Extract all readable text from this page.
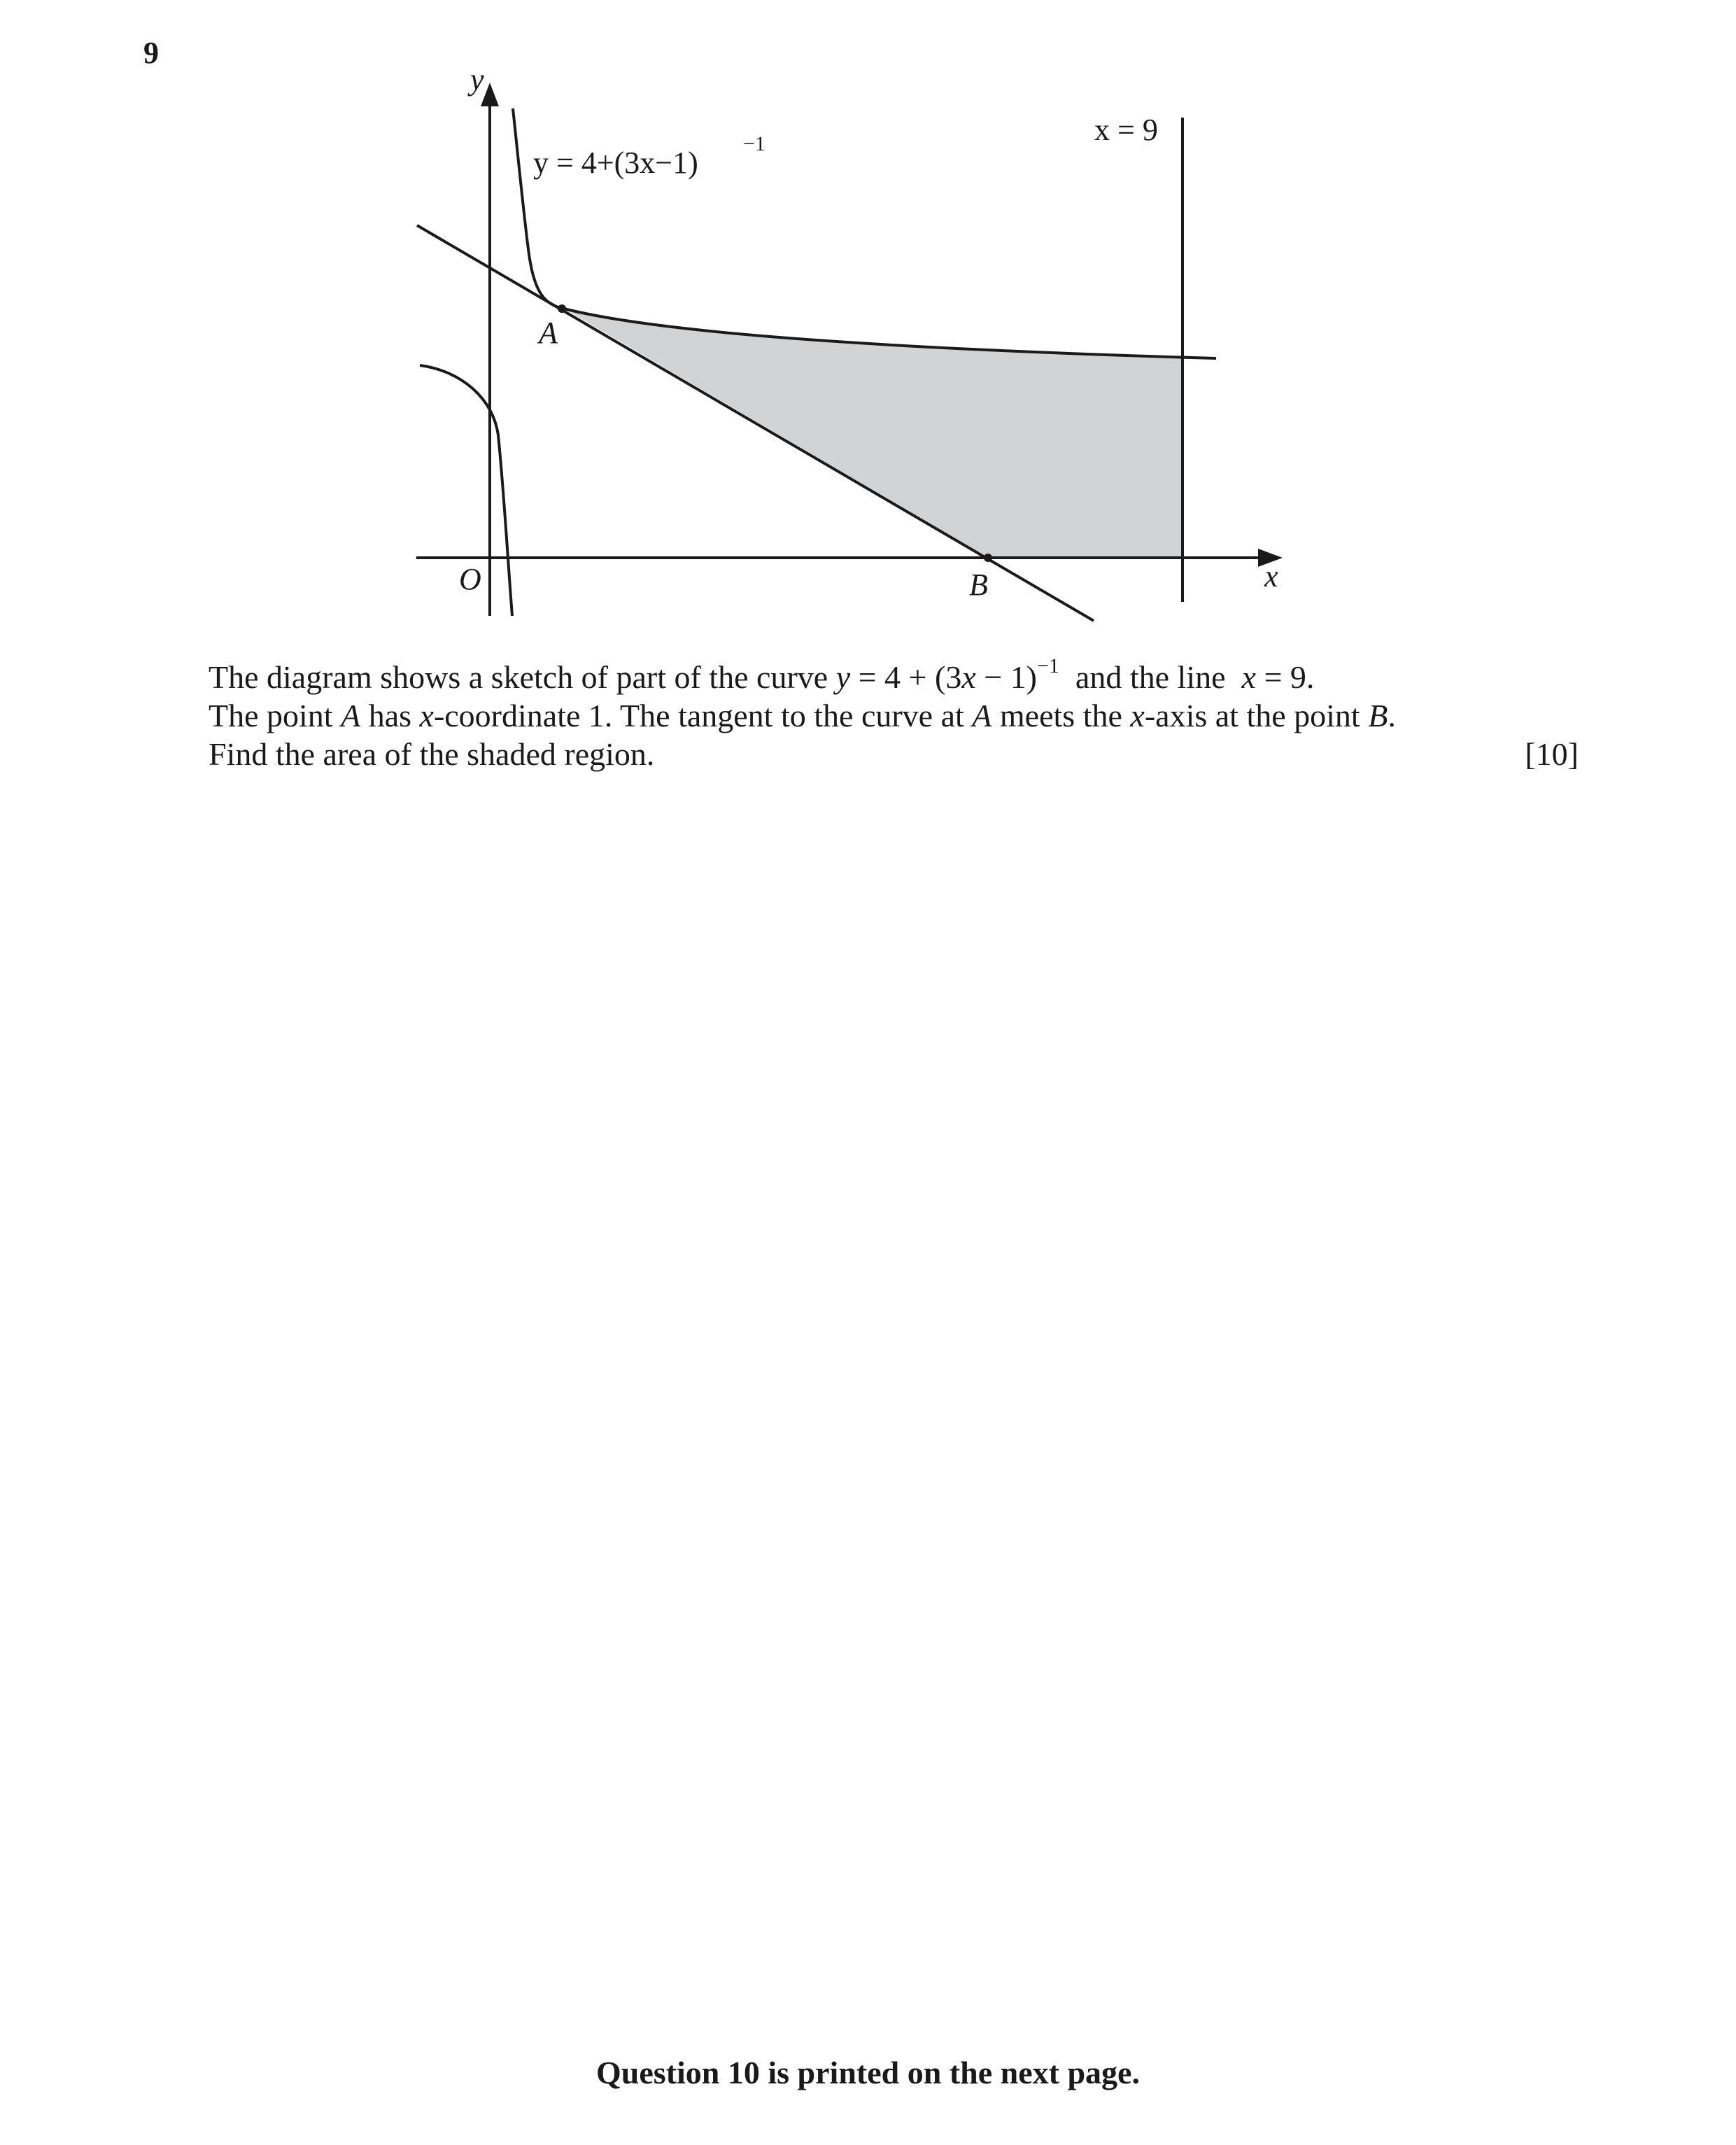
9
y
x
O
A
B
x = 9
y = 4+(3x−1)
−1
The diagram shows a sketch of part of the curve $y = 4 + (3x - 1)^{-1}$  and the line  x = 9.
The point A has x-coordinate 1. The tangent to the curve at A meets the x-axis at the point B.
Find the area of the shaded region.	[10]
Question 10 is printed on the next page.
